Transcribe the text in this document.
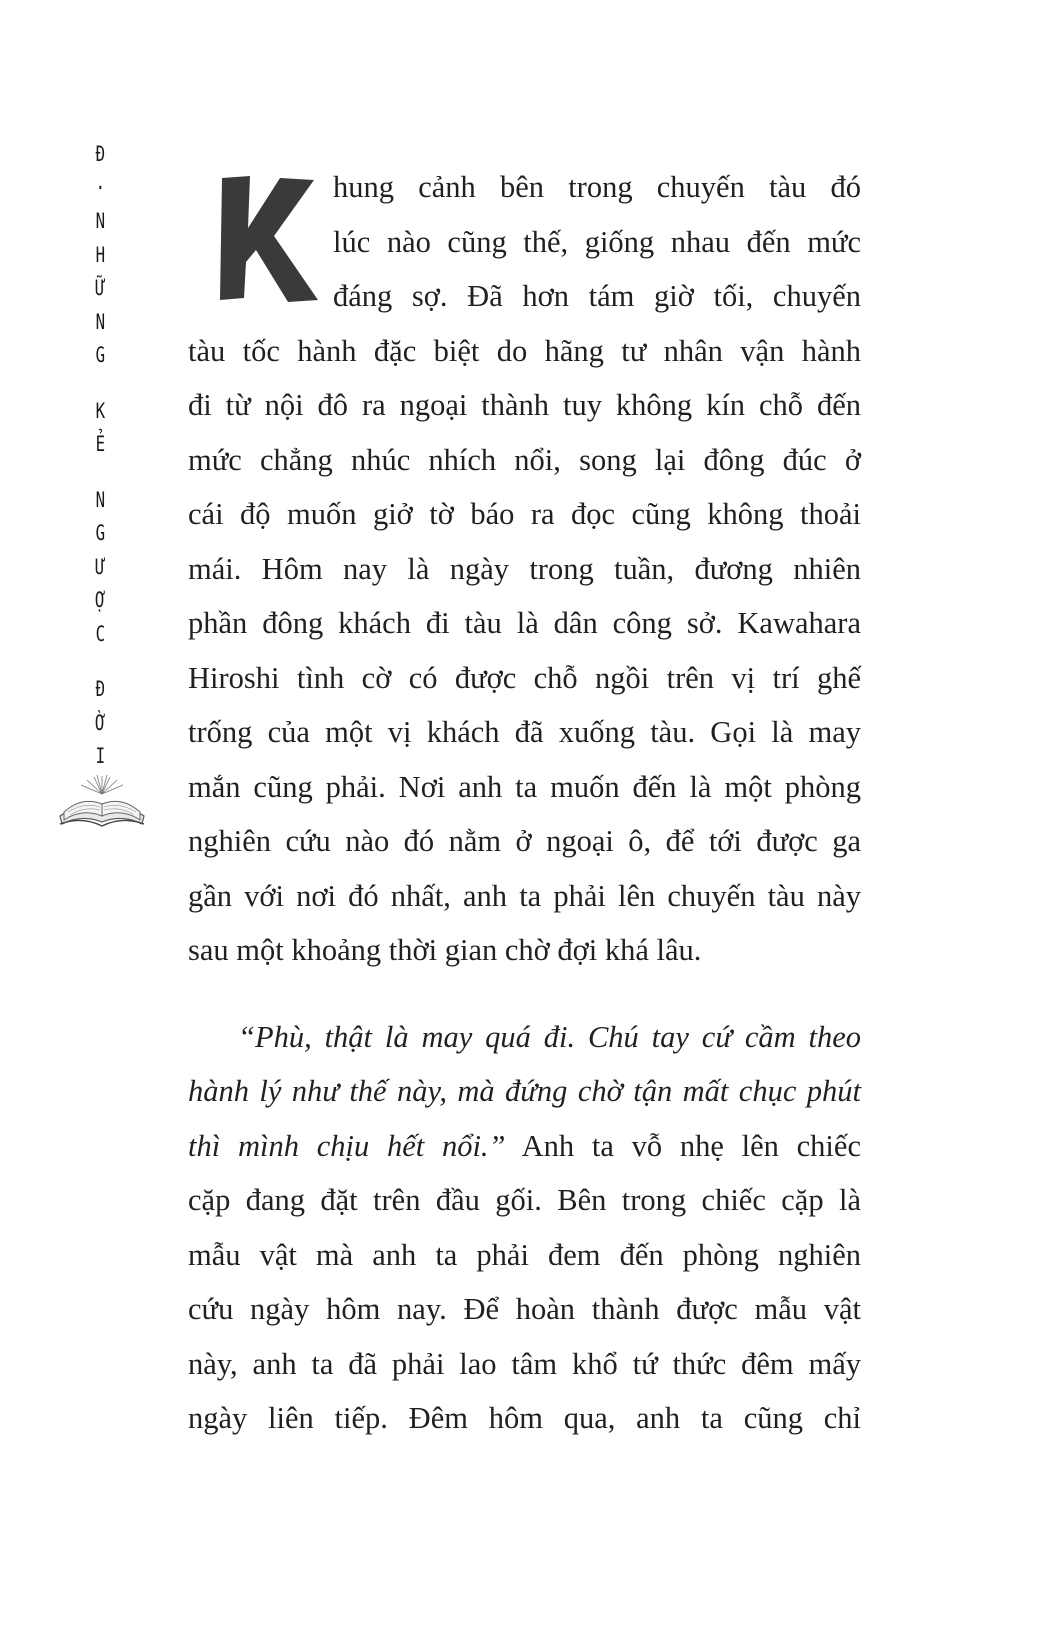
Đ
·
N
H
Ữ
N
G
K
Ẻ
N
G
Ư
Ợ
C
Đ
Ờ
I

hung cảnh bên trong chuyến tàu đó
lúc nào cũng thế, giống nhau đến mức
đáng sợ. Đã hơn tám giờ tối, chuyến
tàu tốc hành đặc biệt do hãng tư nhân vận hành
đi từ nội đô ra ngoại thành tuy không kín chỗ đến
mức chẳng nhúc nhích nổi, song lại đông đúc ở
cái độ muốn giở tờ báo ra đọc cũng không thoải
mái. Hôm nay là ngày trong tuần, đương nhiên
phần đông khách đi tàu là dân công sở. Kawahara
Hiroshi tình cờ có được chỗ ngồi trên vị trí ghế
trống của một vị khách đã xuống tàu. Gọi là may
mắn cũng phải. Nơi anh ta muốn đến là một phòng
nghiên cứu nào đó nằm ở ngoại ô, để tới được ga
gần với nơi đó nhất, anh ta phải lên chuyến tàu này
sau một khoảng thời gian chờ đợi khá lâu.

“Phù, thật là may quá đi. Chú tay cứ cầm theo
hành lý như thế này, mà đứng chờ tận mất chục phút
thì mình chịu hết nổi.” Anh ta vỗ nhẹ lên chiếc
cặp đang đặt trên đầu gối. Bên trong chiếc cặp là
mẫu vật mà anh ta phải đem đến phòng nghiên
cứu ngày hôm nay. Để hoàn thành được mẫu vật
này, anh ta đã phải lao tâm khổ tứ thức đêm mấy
ngày liên tiếp. Đêm hôm qua, anh ta cũng chỉ
